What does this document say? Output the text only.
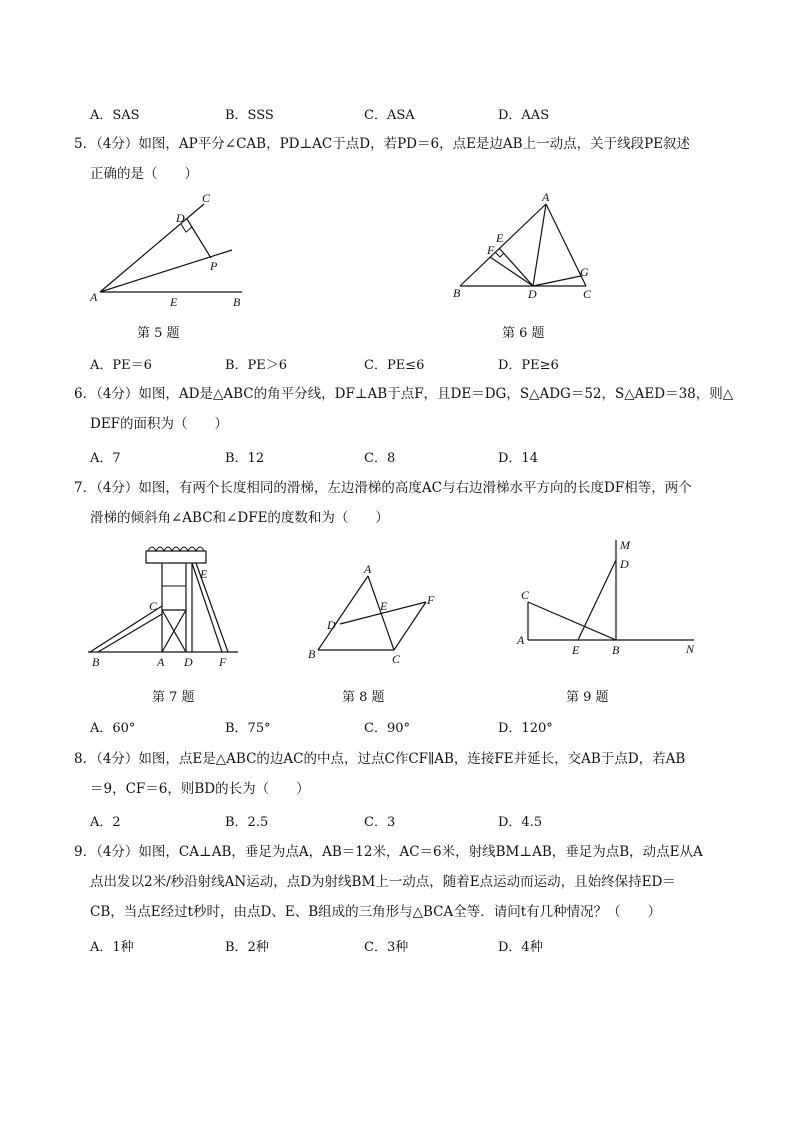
A．SAS	B．SSS	C．ASA	D．AAS
5．（4分）如图，AP平分∠CAB，PD⊥AC于点D，若PD＝6，点E是边AB上一动点，关于线段PE叙述
正确的是（　　）
C
D
P
A	E	B
第 5 题
A
E
F
G
B	D	C
第 6 题
A．PE＝6	B．PE＞6	C．PE≤6	D．PE≥6
6．（4分）如图，AD是△ABC的角平分线，DF⊥AB于点F，且DE＝DG，S△ADG＝52，S△AED＝38，则△
DEF的面积为（　　）
A．7	B．12	C．8	D．14
7．（4分）如图，有两个长度相同的滑梯，左边滑梯的高度AC与右边滑梯水平方向的长度DF相等，两个
滑梯的倾斜角∠ABC和∠DFE的度数和为（　　）
E
C
B	A D F
第 7 题
A
E	F
D
B	C
第 8 题
M
D
C
A
E	B	N
第 9 题
A．60°	B．75°	C．90°	D．120°
8．（4分）如图，点E是△ABC的边AC的中点，过点C作CF∥AB，连接FE并延长，交AB于点D，若AB
＝9，CF＝6，则BD的长为（　　）
A．2	B．2.5	C．3	D．4.5
9．（4分）如图，CA⊥AB，垂足为点A，AB＝12米，AC＝6米，射线BM⊥AB，垂足为点B，动点E从A
点出发以2米/秒沿射线AN运动，点D为射线BM上一动点，随着E点运动而运动，且始终保持ED＝
CB，当点E经过t秒时，由点D、E、B组成的三角形与△BCA全等．请问t有几种情况？（　　）
A．1种	B．2种	C．3种	D．4种
